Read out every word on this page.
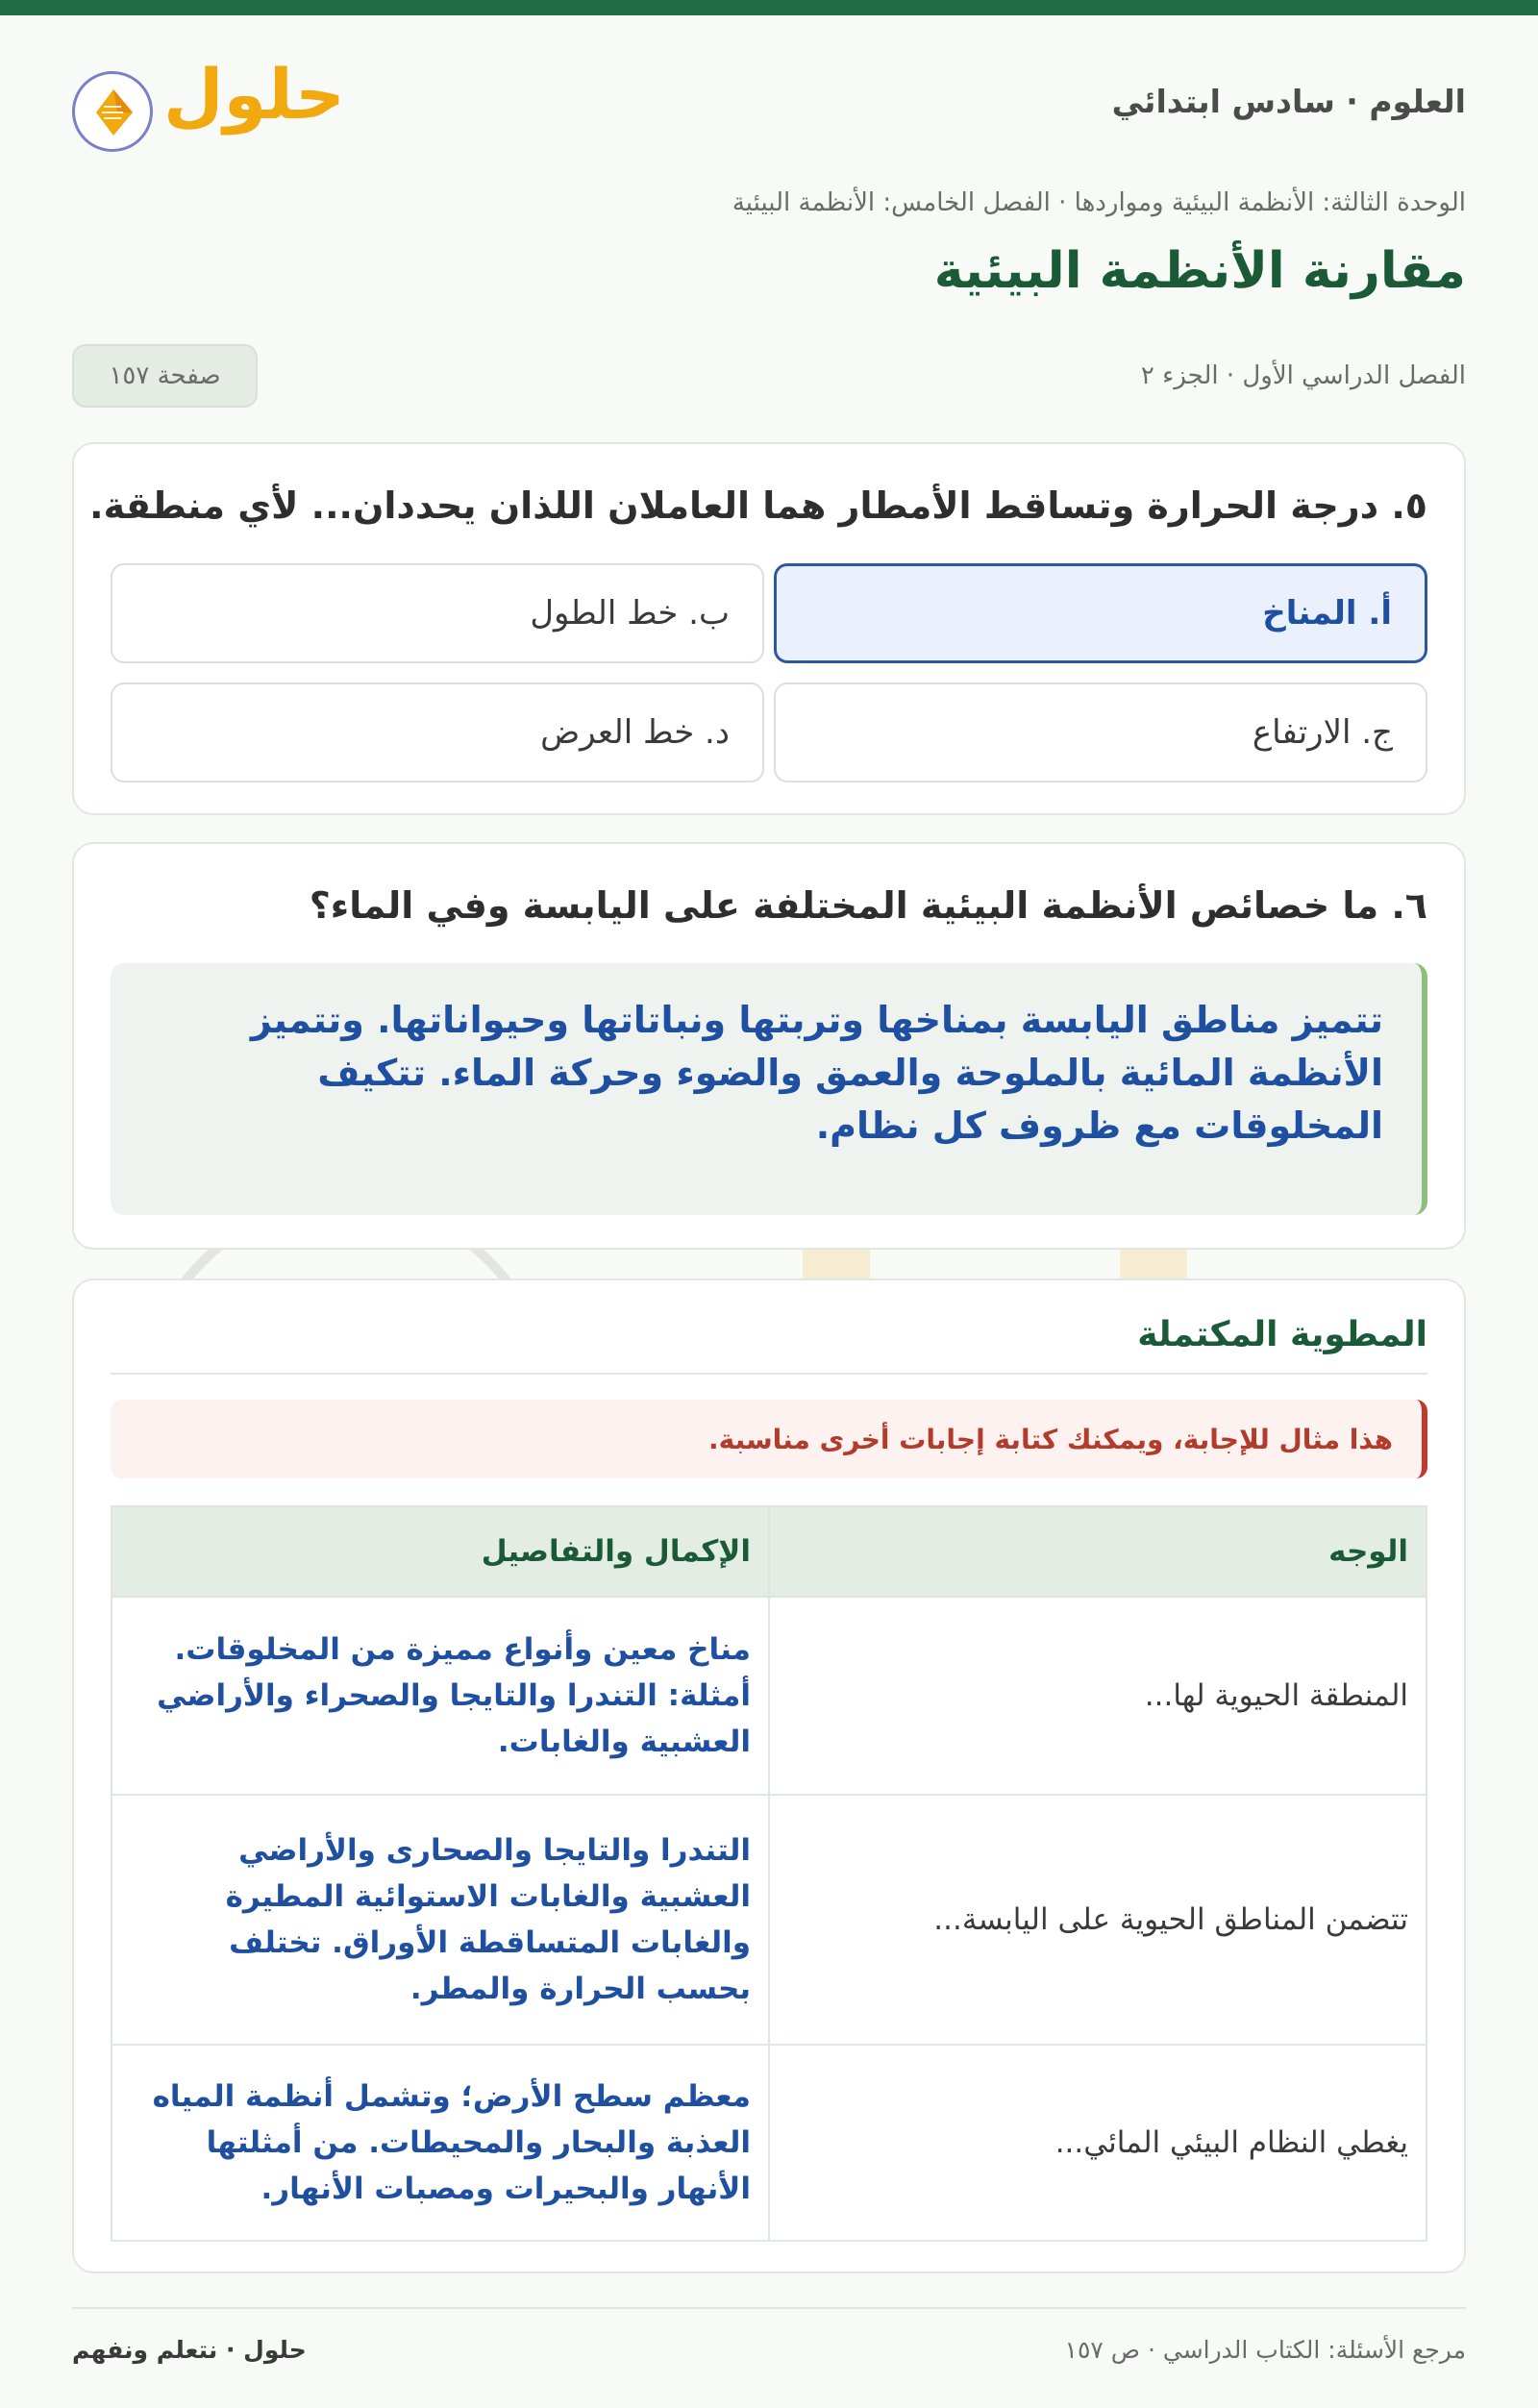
العلوم · سادس ابتدائي
حلول
الوحدة الثالثة: الأنظمة البيئية ومواردها · الفصل الخامس: الأنظمة البيئية
مقارنة الأنظمة البيئية
الفصل الدراسي الأول · الجزء ٢
صفحة ١٥٧
٥. درجة الحرارة وتساقط الأمطار هما العاملان اللذان يحددان... لأي منطقة.
أ. المناخ
ب. خط الطول
ج. الارتفاع
د. خط العرض
٦. ما خصائص الأنظمة البيئية المختلفة على اليابسة وفي الماء؟
تتميز مناطق اليابسة بمناخها وتربتها ونباتاتها وحيواناتها. وتتميز الأنظمة المائية بالملوحة والعمق والضوء وحركة الماء. تتكيف المخلوقات مع ظروف كل نظام.
المطوية المكتملة
هذا مثال للإجابة، ويمكنك كتابة إجابات أخرى مناسبة.
الوجه	الإكمال والتفاصيل
المنطقة الحيوية لها...	مناخ معين وأنواع مميزة من المخلوقات. أمثلة: التندرا والتايجا والصحراء والأراضي العشبية والغابات.
تتضمن المناطق الحيوية على اليابسة...	التندرا والتايجا والصحارى والأراضي العشبية والغابات الاستوائية المطيرة والغابات المتساقطة الأوراق. تختلف بحسب الحرارة والمطر.
يغطي النظام البيئي المائي...	معظم سطح الأرض؛ وتشمل أنظمة المياه العذبة والبحار والمحيطات. من أمثلتها الأنهار والبحيرات ومصبات الأنهار.
مرجع الأسئلة: الكتاب الدراسي · ص ١٥٧
حلول · نتعلم ونفهم
